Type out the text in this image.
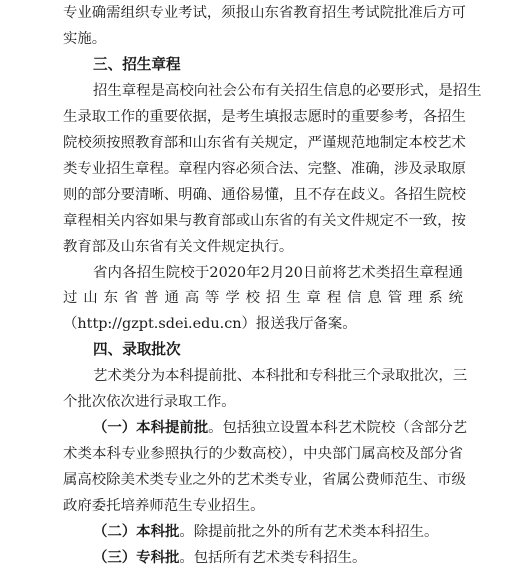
专业确需组织专业考试，须报山东省教育招生考试院批准后方可
实施。
三、招生章程
招生章程是高校向社会公布有关招生信息的必要形式，是招生
生录取工作的重要依据，是考生填报志愿时的重要参考，各招生
院校须按照教育部和山东省有关规定，严谨规范地制定本校艺术
类专业招生章程。章程内容必须合法、完整、准确，涉及录取原
则的部分要清晰、明确、通俗易懂，且不存在歧义。各招生院校
章程相关内容如果与教育部或山东省的有关文件规定不一致，按
教育部及山东省有关文件规定执行。
省内各招生院校于2020年2月20日前将艺术类招生章程通
过山东省普通高等学校招生章程信息管理系统
（http://gzpt.sdei.edu.cn）报送我厅备案。
四、录取批次
艺术类分为本科提前批、本科批和专科批三个录取批次，三
个批次依次进行录取工作。
（一）本科提前批。包括独立设置本科艺术院校（含部分艺
术类本科专业参照执行的少数高校），中央部门属高校及部分省
属高校除美术类专业之外的艺术类专业，省属公费师范生、市级
政府委托培养师范生专业招生。
（二）本科批。除提前批之外的所有艺术类本科招生。
（三）专科批。包括所有艺术类专科招生。
